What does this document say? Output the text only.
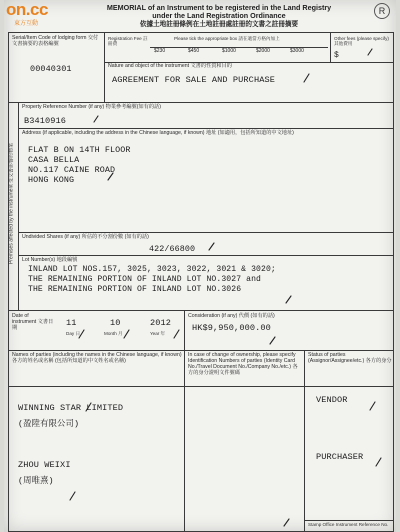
on.cc
東方互動
MEMORIAL of an Instrument to be registered in the Land Registry
under the Land Registration Ordinance
依據土地註冊條例在土地註冊處註冊的文書之註冊摘要
R
Serial/Item Code of lodging form 交付文書摘要的表格編號
00040301
Registration Fee 註冊費
$230	$450	$1000	$2000	$3000
Please tick the appropriate box 請在適當方格內加上	Other fees (please specify) 其他費用
$
Nature and object of the instrument 文書的性質和目的
AGREEMENT FOR SALE AND PURCHASE
Premises affected by the instrument 受文書影響的物業
Property Reference Number (if any) 物業參考編號(如有的話)
B3410916
Address (if applicable, including the address in the Chinese language, if known) 地址 (如適用，包括所知道的中文地址)
FLAT B ON 14TH FLOOR
CASA BELLA
NO.117 CAINE ROAD
HONG KONG
Undivided Shares (if any) 所佔的不分割份數 (如有的話)
422/66800
Lot Number(s) 地段編號
INLAND LOT NOS.157, 3025, 3023, 3022, 3021 & 3020;
THE REMAINING PORTION OF INLAND LOT NO.3027 and
THE REMAINING PORTION OF INLAND LOT NO.3026
Date of instrument 文書日期	11	10	2012
Day 日	Month 月	Year 年
Consideration (if any) 代價 (如有的話)
HK$9,950,000.00
Names of parties (including the names in the Chinese language, if known) 各方的姓名或名稱 (包括所知道的中文姓名或名稱)
In case of change of ownership, please specify Identification Numbers of parties (Identity Card No./Travel Document No./Company No./etc.) 各方的身分證明文件號碼
Status of parties (Assignor/Assignee/etc.) 各方的身分
WINNING STAR LIMITED
(盈陞有限公司)
VENDOR
ZHOU WEIXI
(周唯熹)
PURCHASER
Stamp Office Instrument Reference No.
